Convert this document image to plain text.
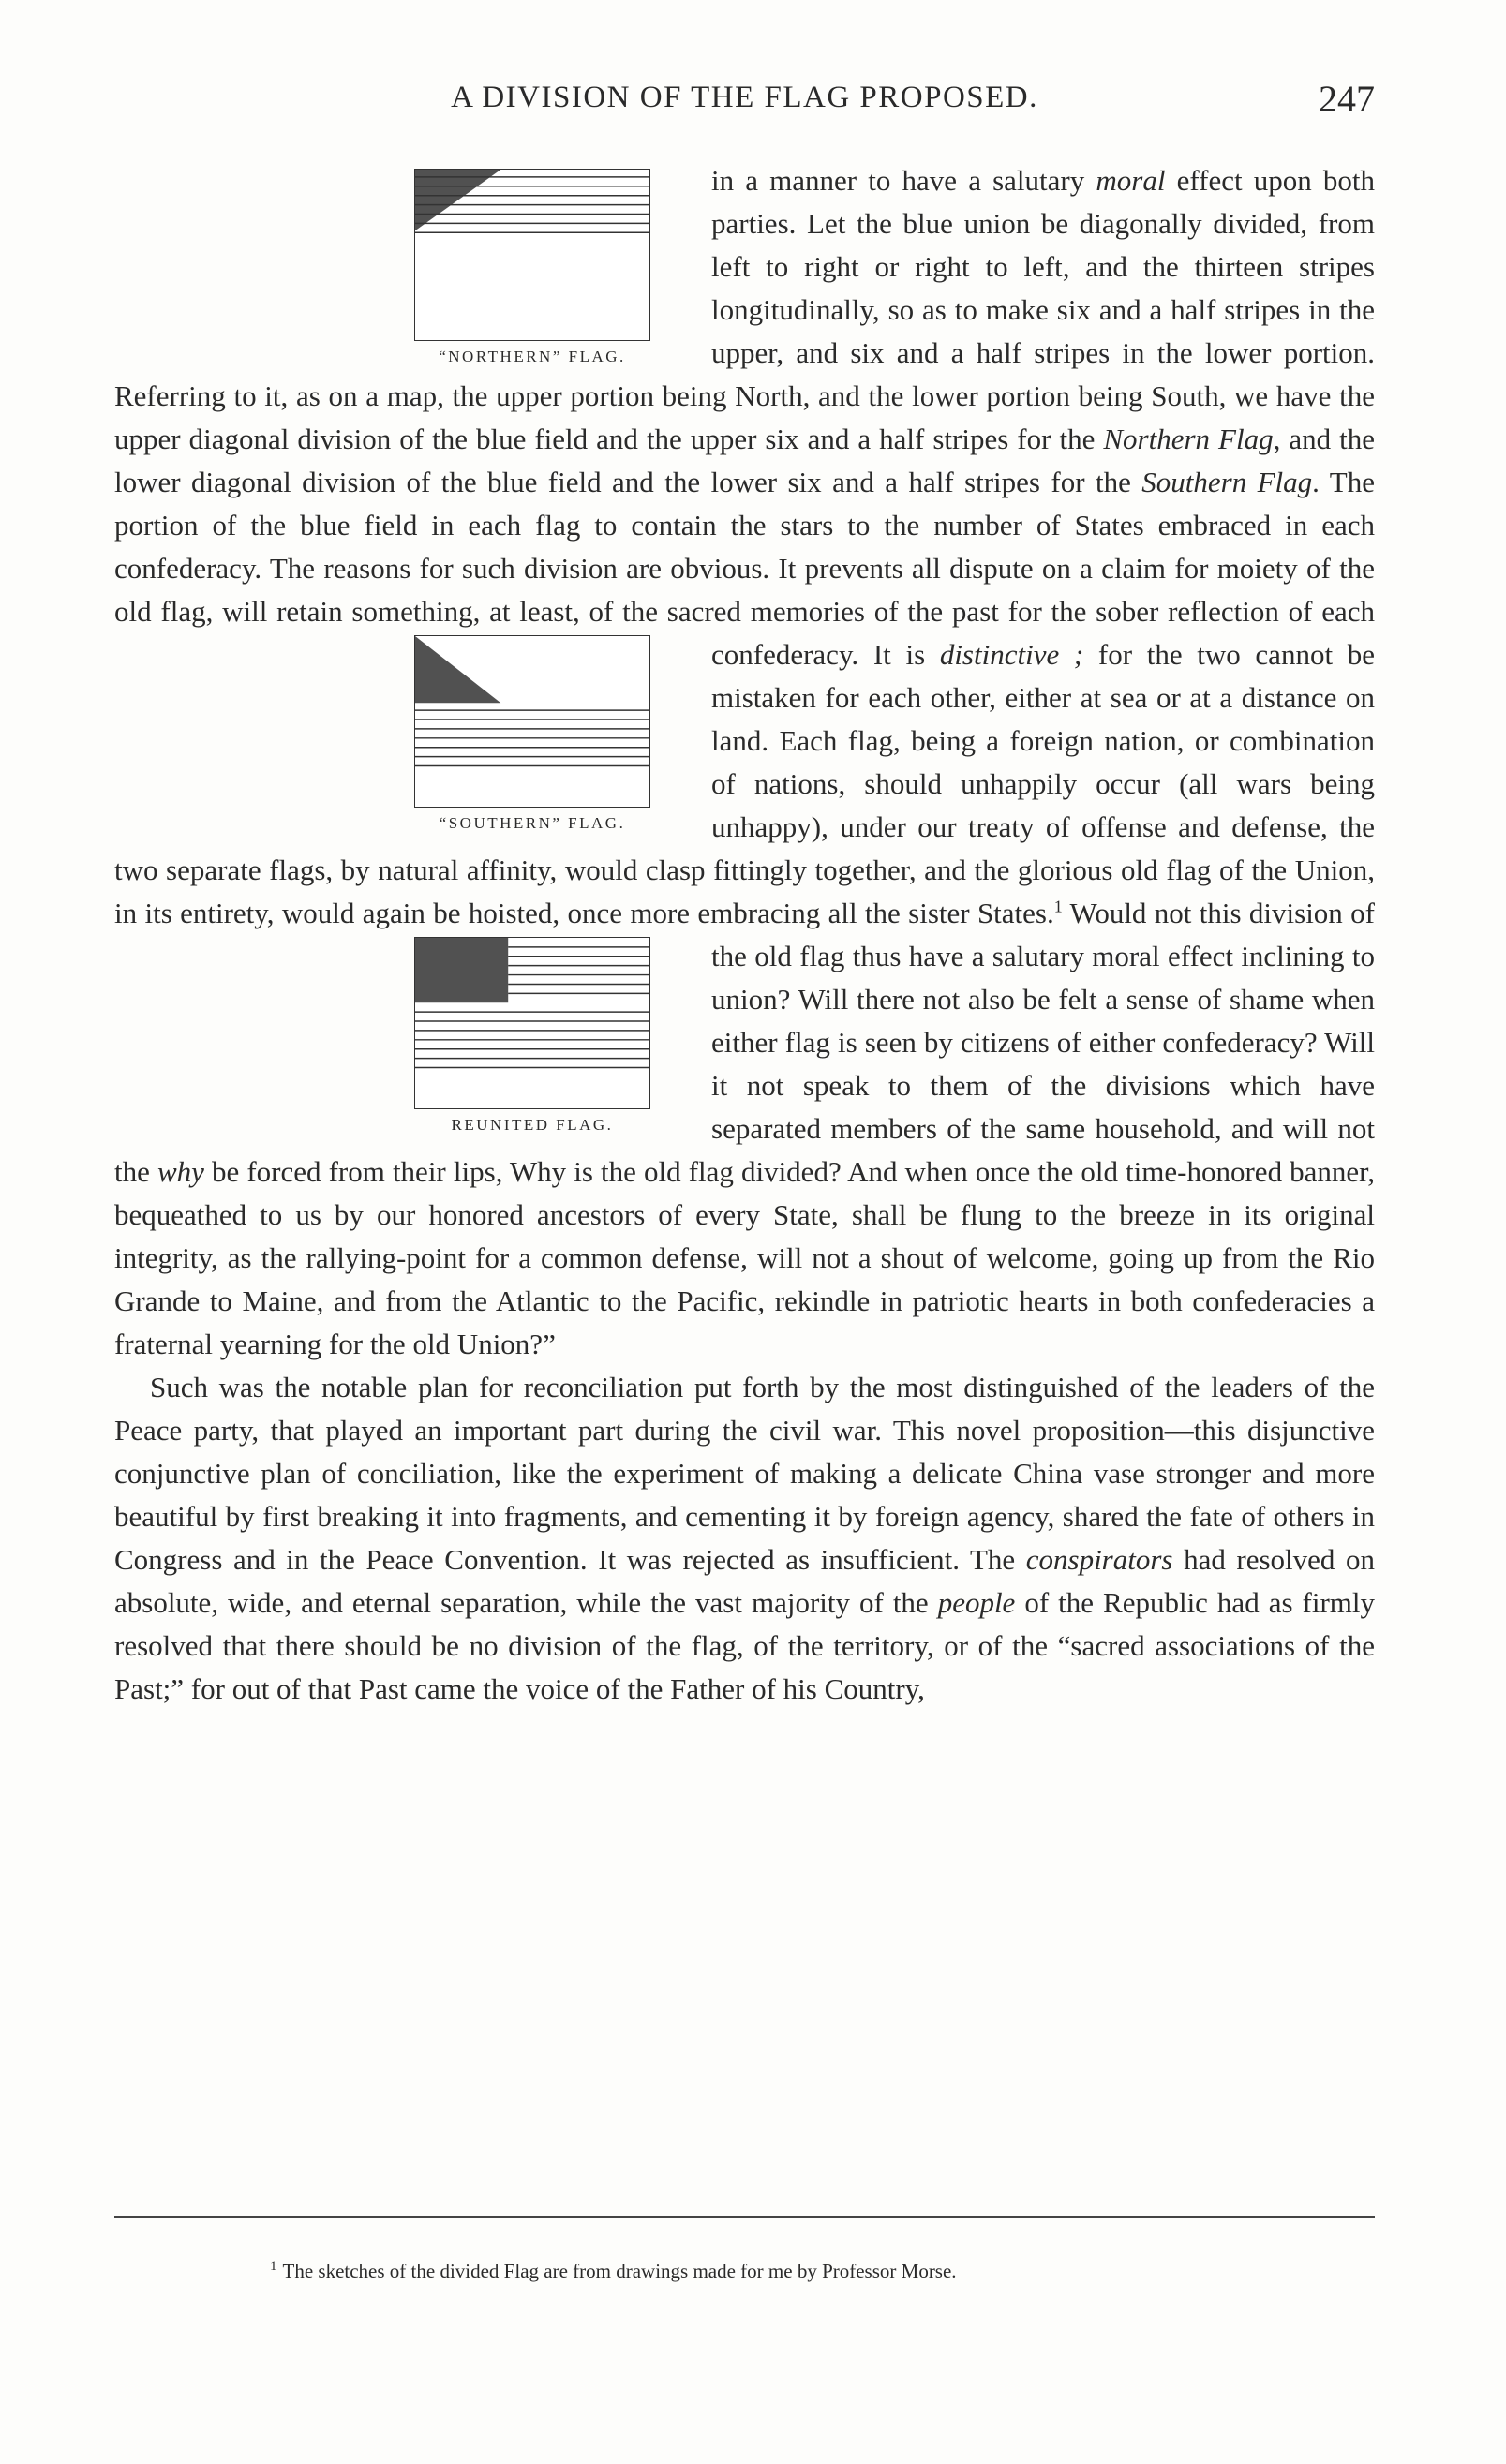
A DIVISION OF THE FLAG PROPOSED.	247
“NORTHERN” FLAG.

in a manner to have a salutary moral effect upon both parties. Let the blue union be diagonally divided, from left to right or right to left, and the thirteen stripes longitudinally, so as to make six and a half stripes in the upper, and six and a half stripes in the lower portion. Referring to it, as on a map, the upper portion being North, and the lower portion being South, we have the upper diagonal division of the blue field and the upper six and a half stripes for the Northern Flag, and the lower diagonal division of the blue field and the lower six and a half stripes for the Southern Flag. The portion of the blue field in each flag to contain the stars to the number of States embraced in each confederacy. The reasons for such division are obvious. It prevents all dispute on a claim for moiety of the old flag, will retain something, at least, of the sacred memories of the past for the sober reflection of each confederacy. It is
“SOUTHERN” FLAG.
distinctive ; for the two cannot be mistaken for each other, either at sea or at a distance on land. Each flag, being a foreign nation, or combination of nations, should unhappily occur (all wars being unhappy), under our treaty of offense and defense, the two separate flags, by natural affinity, would clasp fittingly together, and the glorious old flag of the Union, in its entirety, would again be hoisted, once more embracing all the sister States.$^1$
REUNITED FLAG.
Would not this division of the old flag thus have a salutary moral effect inclining to union? Will there not also be felt a sense of shame when either flag is seen by citizens of either confederacy? Will it not speak to them of the divisions which have separated members of the same household, and will not the why be forced from their lips, Why is the old flag divided? And when once the old time-honored banner, bequeathed to us by our honored ancestors of every State, shall be flung to the breeze in its original integrity, as the rallying-point for a common defense, will not a shout of welcome, going up from the Rio Grande to Maine, and from the Atlantic to the Pacific, rekindle in patriotic hearts in both confederacies a fraternal yearning for the old Union?”

Such was the notable plan for reconciliation put forth by the most distinguished of the leaders of the Peace party, that played an important part during the civil war. This novel proposition—this disjunctive conjunctive plan of conciliation, like the experiment of making a delicate China vase stronger and more beautiful by first breaking it into fragments, and cementing it by foreign agency, shared the fate of others in Congress and in the Peace Convention. It was rejected as insufficient. The conspirators had resolved on absolute, wide, and eternal separation, while the vast majority of the people of the Republic had as firmly resolved that there should be no division of the flag, of the territory, or of the “sacred associations of the Past;” for out of that Past came the voice of the Father of his Country,

$^1$ The sketches of the divided Flag are from drawings made for me by Professor Morse.
